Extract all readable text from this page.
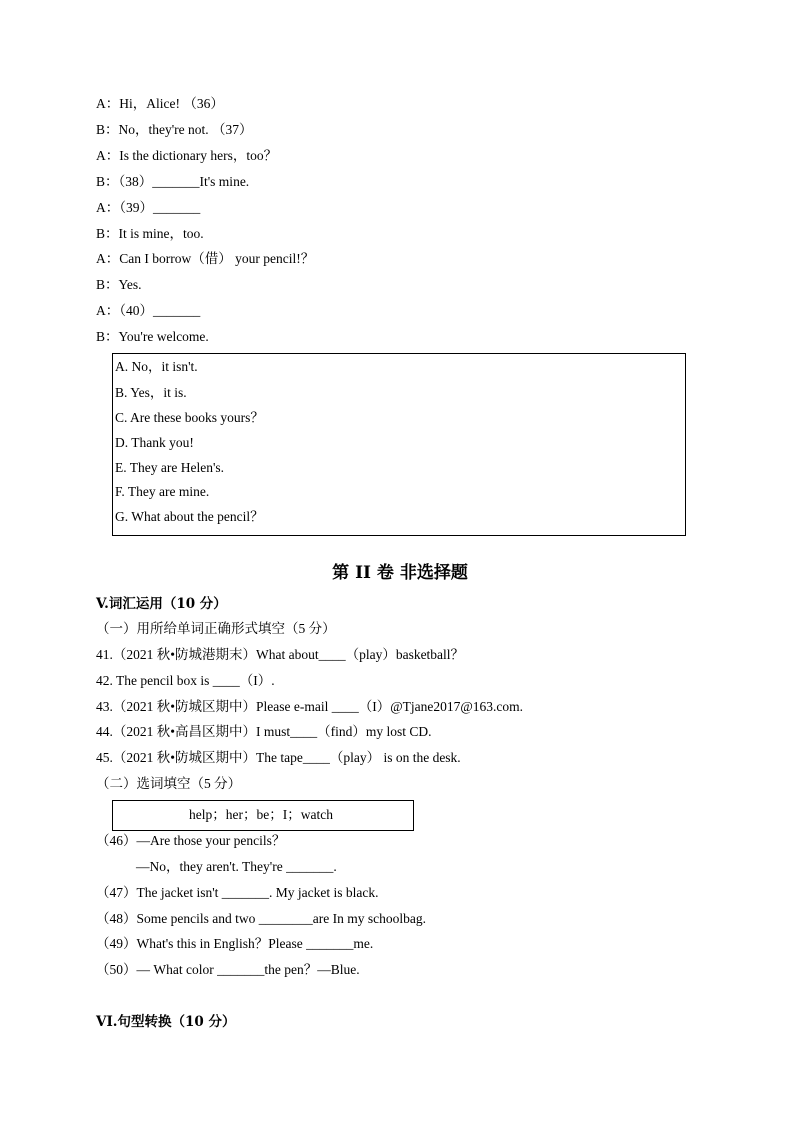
A：Hi，Alice! （36）
B：No，they're not. （37）
A：Is the dictionary hers，too？
B：（38）_______It's mine.
A：（39）_______
B：It is mine，too.
A：Can I borrow（借） your pencil!？
B：Yes.
A：（40）_______
B：You're welcome.
A. No，it isn't.
B. Yes，it is.
C. Are these books yours？
D. Thank you!
E. They are Helen's.
F. They are mine.
G. What about the pencil？
第 II 卷 非选择题
V.词汇运用（10 分）
（一）用所给单词正确形式填空（5 分）
41.（2021 秋•防城港期末）What about____（play）basketball？
42. The pencil box is ____（I）.
43.（2021 秋•防城区期中）Please e-mail ____（I）@Tjane2017@163.com.
44.（2021 秋•高昌区期中）I must____（find）my lost CD.
45.（2021 秋•防城区期中）The tape____（play） is on the desk.
（二）选词填空（5 分）
help；her；be；I；watch
（46）—Are those your pencils？
—No，they aren't. They're _______.
（47）The jacket isn't _______. My jacket is black.
（48）Some pencils and two ________are In my schoolbag.
（49）What's this in English？Please _______me.
（50）— What color _______the pen？—Blue.
VI.句型转换（10 分）
